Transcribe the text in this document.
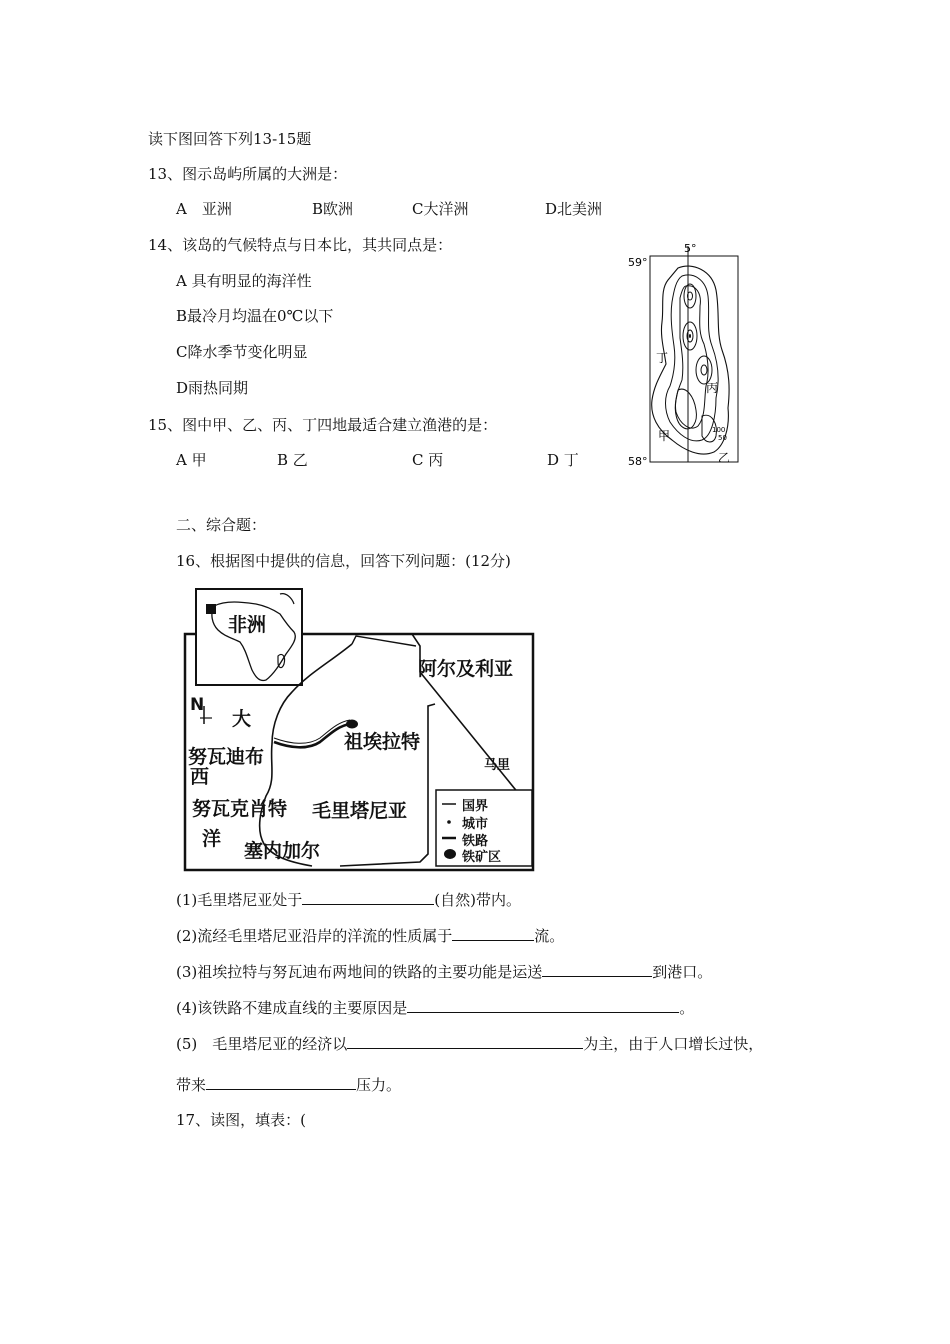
读下图回答下列13-15题
13、图示岛屿所属的大洲是：
A　亚洲	B欧洲	C大洋洲	D北美洲
14、该岛的气候特点与日本比，其共同点是：
A 具有明显的海洋性
B最冷月均温在0℃以下
C降水季节变化明显
D雨热同期
15、图中甲、乙、丙、丁四地最适合建立渔港的是：
A 甲	B 乙	C 丙	D 丁
59°
58°
5°
丁
丙
甲
乙
100
50
二、综合题：
16、根据图中提供的信息，回答下列问题：(12分)
非洲
阿尔及利亚
N
大
努瓦迪布
西
祖埃拉特
马里
努瓦克肖特 毛里塔尼亚
洋
塞内加尔
国界
城市
铁路
铁矿区
(1)毛里塔尼亚处于	(自然)带内。
(2)流经毛里塔尼亚沿岸的洋流的性质属于	流。
(3)祖埃拉特与努瓦迪布两地间的铁路的主要功能是运送	到港口。
(4)该铁路不建成直线的主要原因是	。
(5)　毛里塔尼亚的经济以	为主，由于人口增长过快，
带来	压力。
17、读图，填表：(
